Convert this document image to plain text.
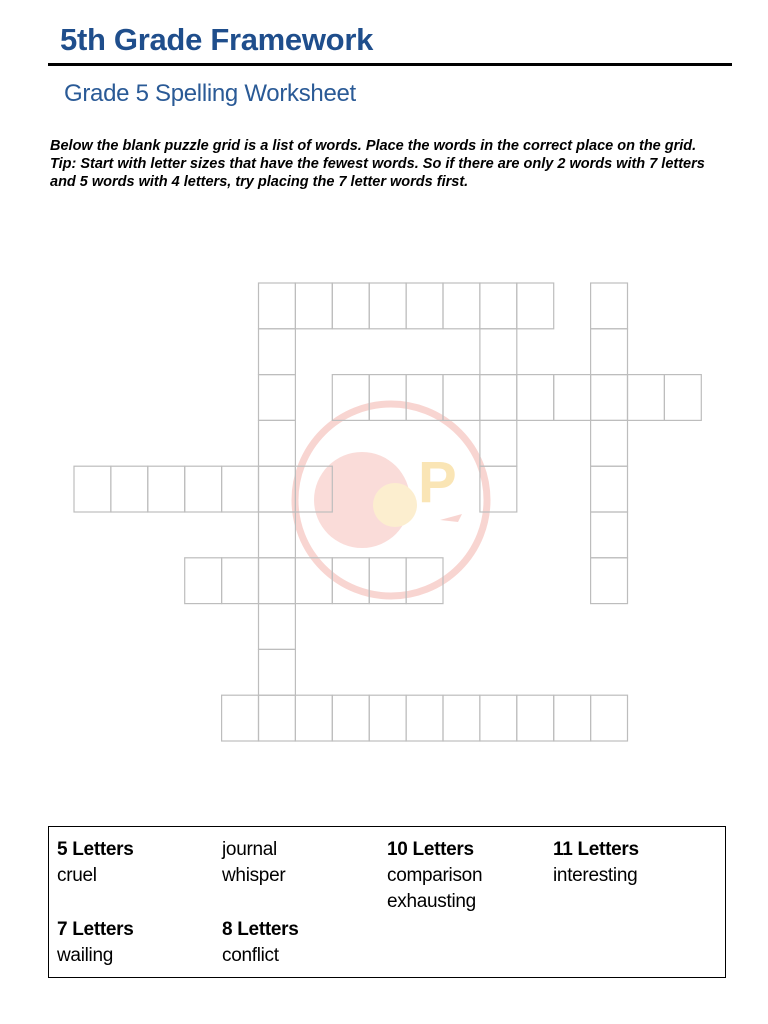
5th Grade Framework
Grade 5 Spelling Worksheet
Below the blank puzzle grid is a list of words. Place the words in the correct place on the grid. Tip: Start with letter sizes that have the fewest words. So if there are only 2 words with 7 letters and 5 words with 4 letters, try placing the 7 letter words first.
P
5 Letters
cruel
7 Letters
wailing
journal
whisper
8 Letters
conflict
10 Letters
comparison
exhausting
11 Letters
interesting
